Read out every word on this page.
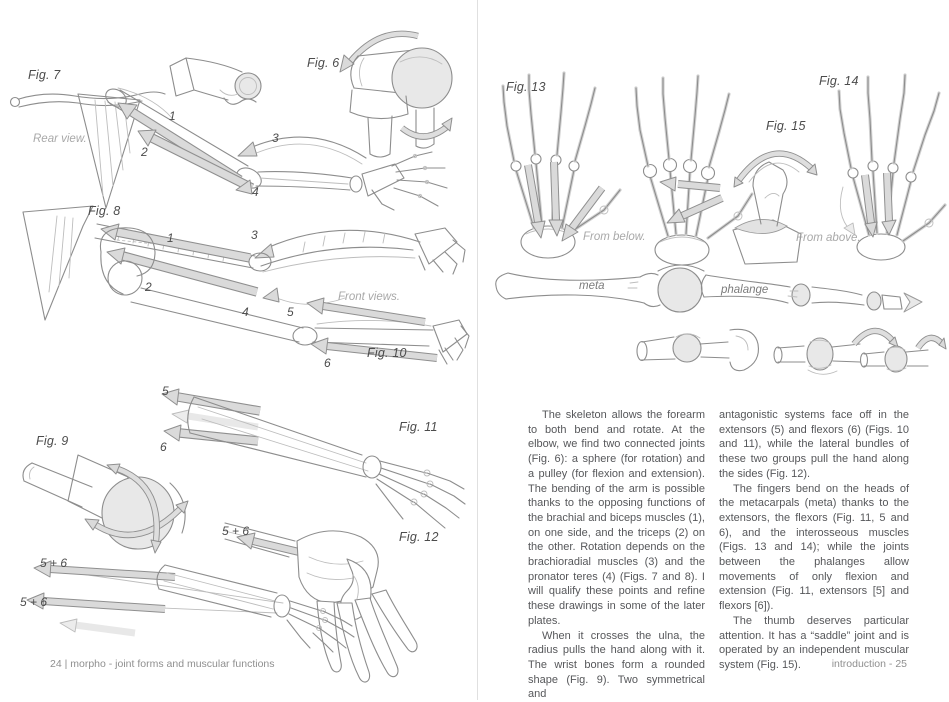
Fig. 7
Rear view.
1
2
3
4
Fig. 6
Fig. 8
1
2
3
4
Front views.
5
6
Fig. 10
5
6
Fig. 9
Fig. 11
5 + 6	Fig. 12
5 + 6
5 + 6
24 | morpho - joint forms and muscular functions
Fig. 13
Fig. 15
Fig. 14
From below.	From above.
meta	phalange

The skeleton allows the forearm to both bend and rotate. At the elbow, we find two connected joints (Fig. 6): a sphere (for rotation) and a pulley (for flexion and extension). The bending of the arm is possible thanks to the opposing functions of the brachial and biceps muscles (1), on one side, and the triceps (2) on the other. Rotation depends on the brachioradial muscles (3) and the pronator teres (4) (Figs. 7 and 8). I will qualify these points and refine these drawings in some of the later plates.

When it crosses the ulna, the radius pulls the hand along with it. The wrist bones form a rounded shape (Fig. 9). Two symmetrical and

antagonistic systems face off in the extensors (5) and flexors (6) (Figs. 10 and 11), while the lateral bundles of these two groups pull the hand along the sides (Fig. 12).

The fingers bend on the heads of the metacarpals (meta) thanks to the extensors, the flexors (Fig. 11, 5 and 6), and the interosseous muscles (Figs. 13 and 14); while the joints between the phalanges allow movements of only flexion and extension (Fig. 11, extensors [5] and flexors [6]).

The thumb deserves particular attention. It has a “saddle” joint and is operated by an independent muscular system (Fig. 15).	introduction - 25
